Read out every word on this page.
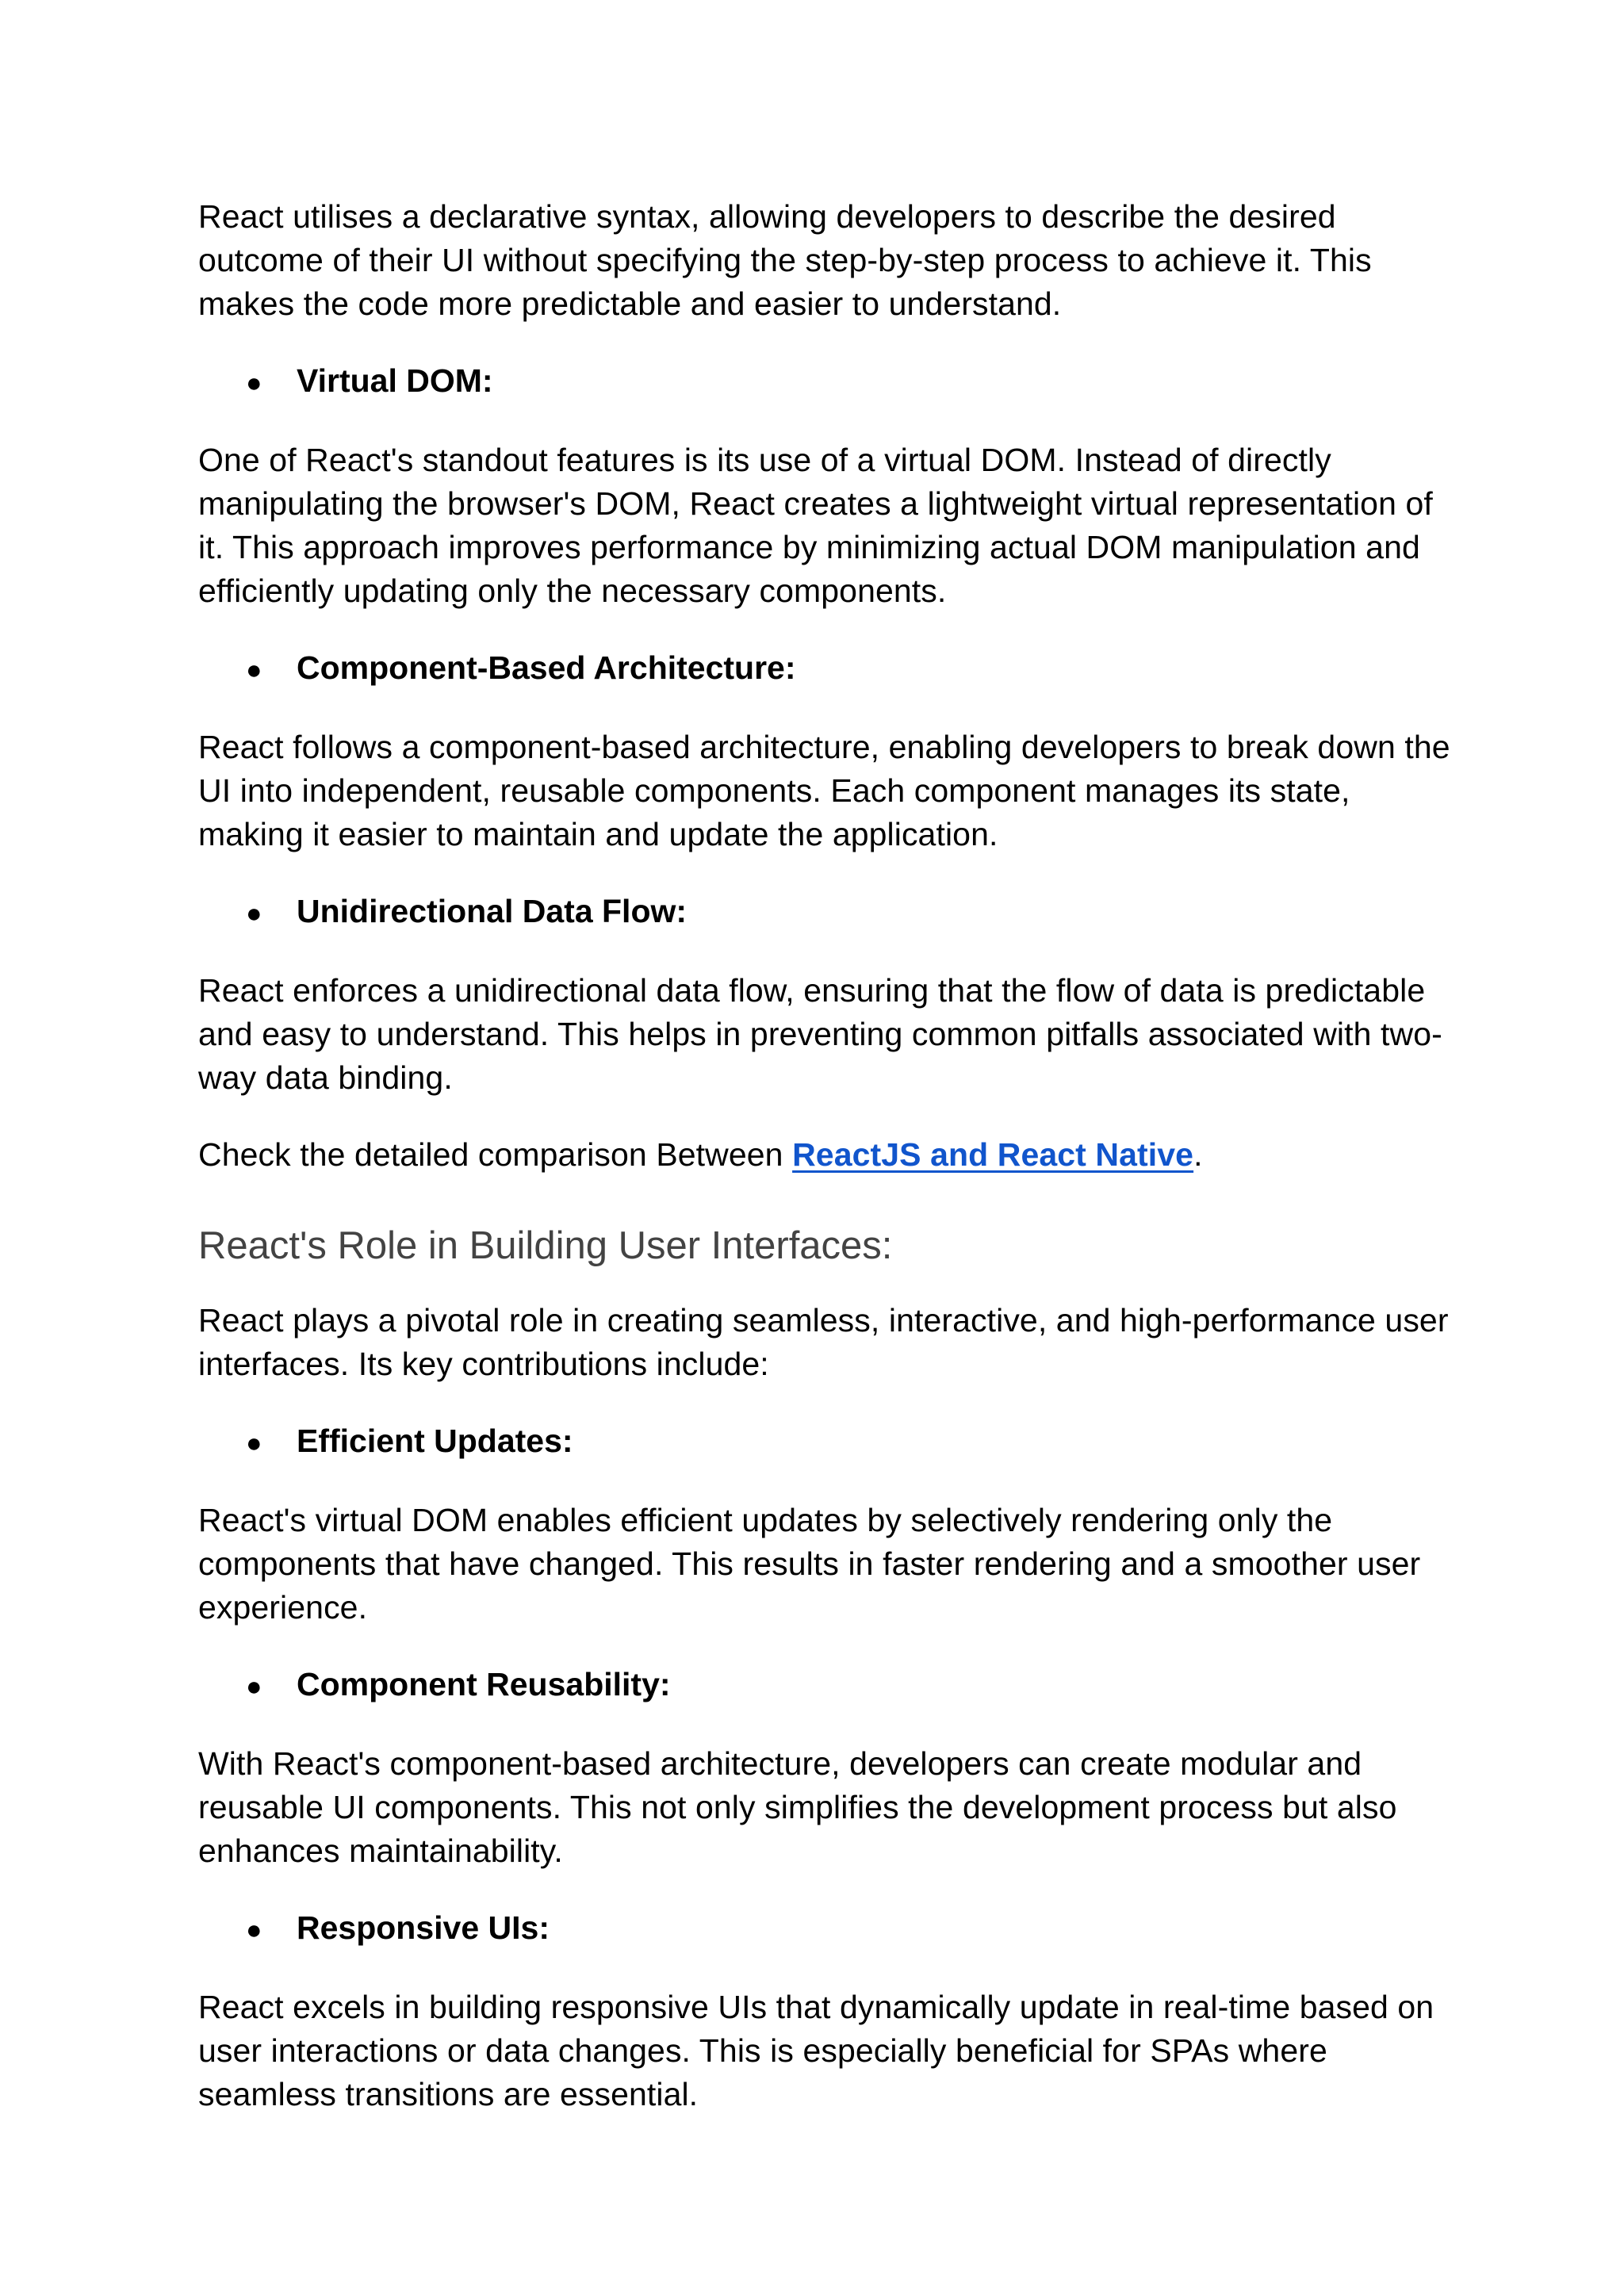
React utilises a declarative syntax, allowing developers to describe the desired outcome of their UI without specifying the step-by-step process to achieve it. This makes the code more predictable and easier to understand.

●	Virtual DOM:

One of React's standout features is its use of a virtual DOM. Instead of directly manipulating the browser's DOM, React creates a lightweight virtual representation of it. This approach improves performance by minimizing actual DOM manipulation and efficiently updating only the necessary components.

●	Component-Based Architecture:

React follows a component-based architecture, enabling developers to break down the UI into independent, reusable components. Each component manages its state, making it easier to maintain and update the application.

●	Unidirectional Data Flow:

React enforces a unidirectional data flow, ensuring that the flow of data is predictable and easy to understand. This helps in preventing common pitfalls associated with two-way data binding.

Check the detailed comparison Between ReactJS and React Native.

React's Role in Building User Interfaces:

React plays a pivotal role in creating seamless, interactive, and high-performance user interfaces. Its key contributions include:

●	Efficient Updates:

React's virtual DOM enables efficient updates by selectively rendering only the components that have changed. This results in faster rendering and a smoother user experience.

●	Component Reusability:

With React's component-based architecture, developers can create modular and reusable UI components. This not only simplifies the development process but also enhances maintainability.

●	Responsive UIs:

React excels in building responsive UIs that dynamically update in real-time based on user interactions or data changes. This is especially beneficial for SPAs where seamless transitions are essential.
